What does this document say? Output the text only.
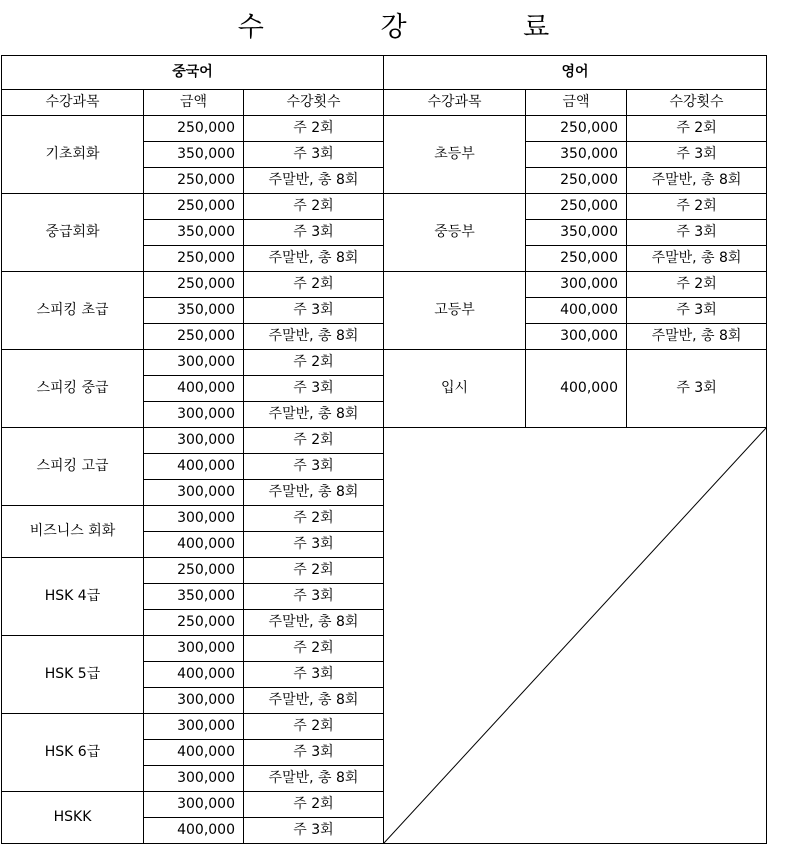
수 강 료
중국어			영어		
수강과목	금액	수강횟수	수강과목	금액	수강횟수
기초회화	250,000	주 2회	초등부	250,000	주 2회
	350,000	주 3회		350,000	주 3회
	250,000	주말반, 총 8회		250,000	주말반, 총 8회
중급회화	250,000	주 2회	중등부	250,000	주 2회
	350,000	주 3회		350,000	주 3회
	250,000	주말반, 총 8회		250,000	주말반, 총 8회
스피킹 초급	250,000	주 2회	고등부	300,000	주 2회
	350,000	주 3회		400,000	주 3회
	250,000	주말반, 총 8회		300,000	주말반, 총 8회
스피킹 중급	300,000	주 2회	입시	400,000	주 3회
	400,000	주 3회			
	300,000	주말반, 총 8회			
스피킹 고급	300,000	주 2회	

	400,000	주 3회			
	300,000	주말반, 총 8회			
비즈니스 회화	300,000	주 2회			
	400,000	주 3회			
HSK 4급	250,000	주 2회			
	350,000	주 3회			
	250,000	주말반, 총 8회			
HSK 5급	300,000	주 2회			
	400,000	주 3회			
	300,000	주말반, 총 8회			
HSK 6급	300,000	주 2회			
	400,000	주 3회			
	300,000	주말반, 총 8회			
HSKK	300,000	주 2회			
	400,000	주 3회			
